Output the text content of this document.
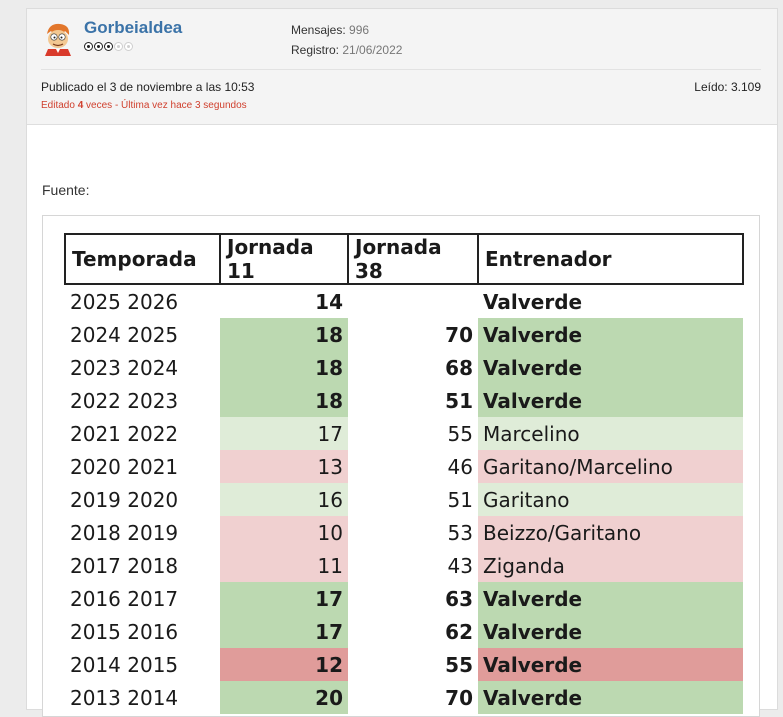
Gorbeialdea	Mensajes: 996
Registro: 21/06/2022
Publicado el 3 de noviembre a las 10:53
Editado 4 veces - Última vez hace 3 segundos
Leído: 3.109
Fuente:
Temporada	Jornada 11	Jornada 38	Entrenador
2025 2026	14		Valverde
2024 2025	18	70	Valverde
2023 2024	18	68	Valverde
2022 2023	18	51	Valverde
2021 2022	17	55	Marcelino
2020 2021	13	46	Garitano/Marcelino
2019 2020	16	51	Garitano
2018 2019	10	53	Beizzo/Garitano
2017 2018	11	43	Ziganda
2016 2017	17	63	Valverde
2015 2016	17	62	Valverde
2014 2015	12	55	Valverde
2013 2014	20	70	Valverde
